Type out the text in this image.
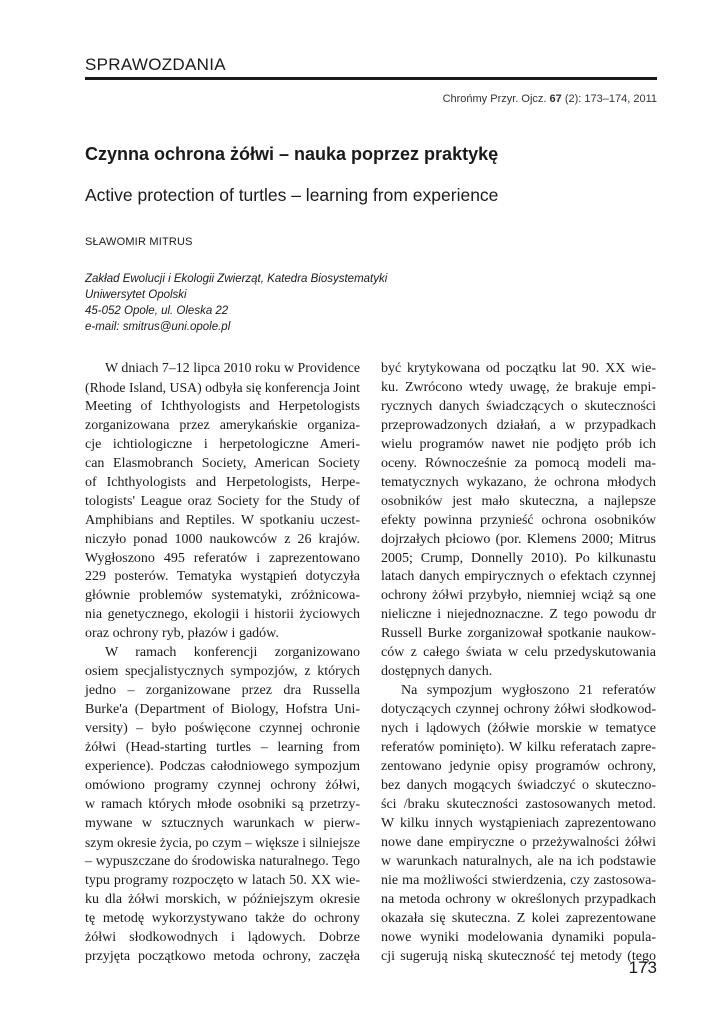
SPRAWOZDANIA
Chrońmy Przyr. Ojcz. 67 (2): 173–174, 2011
Czynna ochrona żółwi – nauka poprzez praktykę
Active protection of turtles – learning from experience
SŁAWOMIR MITRUS
Zakład Ewolucji i Ekologii Zwierząt, Katedra Biosystematyki
Uniwersytet Opolski
45-052 Opole, ul. Oleska 22
e-mail: smitrus@uni.opole.pl
W dniach 7–12 lipca 2010 roku w Providence
(Rhode Island, USA) odbyła się konferencja Joint
Meeting of Ichthyologists and Herpetologists
zorganizowana przez amerykańskie organiza-
cje ichtiologiczne i herpetologiczne Ameri-
can Elasmobranch Society, American Society
of Ichthyologists and Herpetologists, Herpe-
tologists' League oraz Society for the Study of
Amphibians and Reptiles. W spotkaniu uczest-
niczyło ponad 1000 naukowców z 26 krajów.
Wygłoszono 495 referatów i zaprezentowano
229 posterów. Tematyka wystąpień dotyczyła
głównie problemów systematyki, zróżnicowa-
nia genetycznego, ekologii i historii życiowych
oraz ochrony ryb, płazów i gadów.
W ramach konferencji zorganizowano
osiem specjalistycznych sympozjów, z których
jedno – zorganizowane przez dra Russella
Burke'a (Department of Biology, Hofstra Uni-
versity) – było poświęcone czynnej ochronie
żółwi (Head-starting turtles – learning from
experience). Podczas całodniowego sympozjum
omówiono programy czynnej ochrony żółwi,
w ramach których młode osobniki są przetrzy-
mywane w sztucznych warunkach w pierw-
szym okresie życia, po czym – większe i silniejsze
– wypuszczane do środowiska naturalnego. Tego
typu programy rozpoczęto w latach 50. XX wie-
ku dla żółwi morskich, w późniejszym okresie
tę metodę wykorzystywano także do ochrony
żółwi słodkowodnych i lądowych. Dobrze
przyjęta początkowo metoda ochrony, zaczęła
być krytykowana od początku lat 90. XX wie-
ku. Zwrócono wtedy uwagę, że brakuje empi-
rycznych danych świadczących o skuteczności
przeprowadzonych działań, a w przypadkach
wielu programów nawet nie podjęto prób ich
oceny. Równocześnie za pomocą modeli ma-
tematycznych wykazano, że ochrona młodych
osobników jest mało skuteczna, a najlepsze
efekty powinna przynieść ochrona osobników
dojrzałych płciowo (por. Klemens 2000; Mitrus
2005; Crump, Donnelly 2010). Po kilkunastu
latach danych empirycznych o efektach czynnej
ochrony żółwi przybyło, niemniej wciąż są one
nieliczne i niejednoznaczne. Z tego powodu dr
Russell Burke zorganizował spotkanie naukow-
ców z całego świata w celu przedyskutowania
dostępnych danych.
Na sympozjum wygłoszono 21 referatów
dotyczących czynnej ochrony żółwi słodkowod-
nych i lądowych (żółwie morskie w tematyce
referatów pominięto). W kilku referatach zapre-
zentowano jedynie opisy programów ochrony,
bez danych mogących świadczyć o skuteczno-
ści /braku skuteczności zastosowanych metod.
W kilku innych wystąpieniach zaprezentowano
nowe dane empiryczne o przeżywalności żółwi
w warunkach naturalnych, ale na ich podstawie
nie ma możliwości stwierdzenia, czy zastosowa-
na metoda ochrony w określonych przypadkach
okazała się skuteczna. Z kolei zaprezentowane
nowe wyniki modelowania dynamiki popula-
cji sugerują niską skuteczność tej metody (tego
173
